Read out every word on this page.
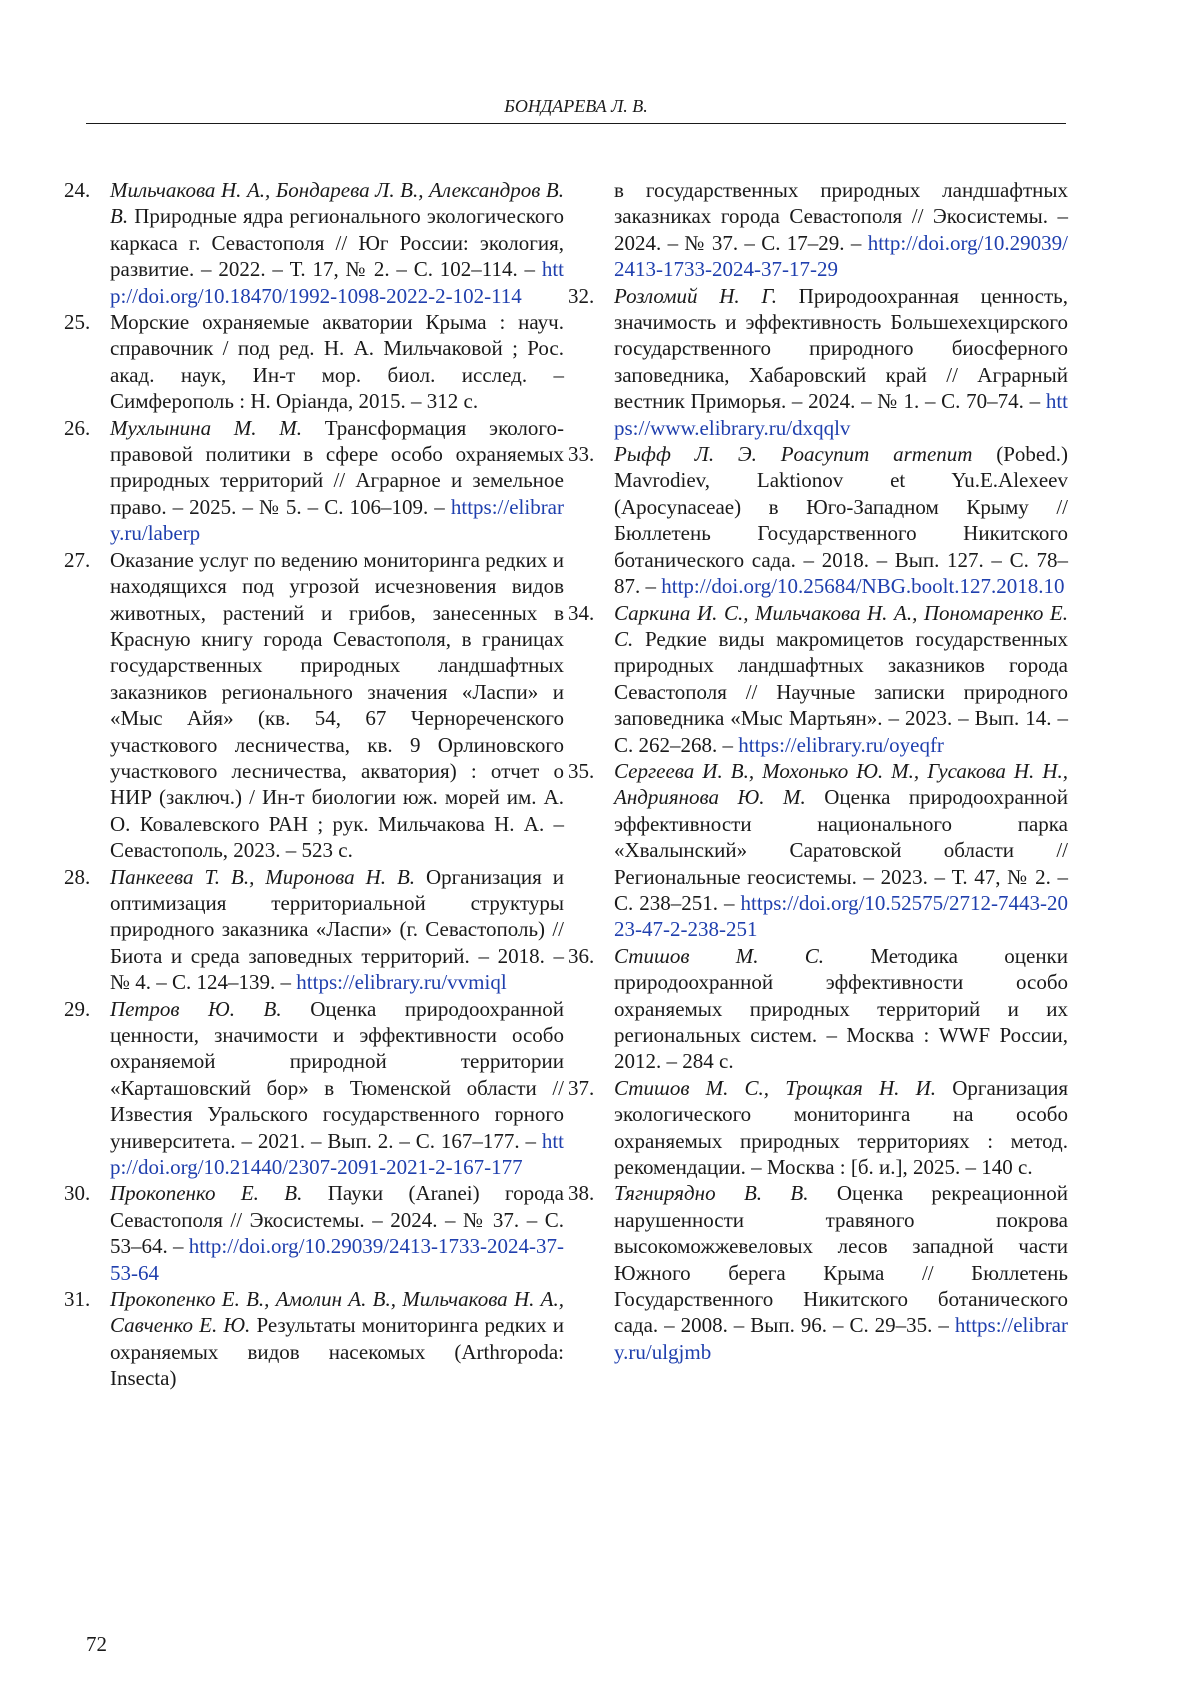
БОНДАРЕВА Л. В.
24. Мильчакова Н. А., Бондарева Л. В., Александров В. В. Природные ядра регионального экологического каркаса г. Севастополя // Юг России: экология, развитие. – 2022. – Т. 17, № 2. – С. 102–114. – http://doi.org/10.18470/1992-1098-2022-2-102-114
25. Морские охраняемые акватории Крыма : науч. справочник / под ред. Н. А. Мильчаковой ; Рос. акад. наук, Ин-т мор. биол. исслед. – Симферополь : Н. Оріанда, 2015. – 312 с.
26. Мухлынина М. М. Трансформация эколого-правовой политики в сфере особо охраняемых природных территорий // Аграрное и земельное право. – 2025. – № 5. – С. 106–109. – https://elibrary.ru/laberp
27. Оказание услуг по ведению мониторинга редких и находящихся под угрозой исчезновения видов животных, растений и грибов, занесенных в Красную книгу города Севастополя, в границах государственных природных ландшафтных заказников регионального значения «Ласпи» и «Мыс Айя» (кв. 54, 67 Чернореченского участкового лесничества, кв. 9 Орлиновского участкового лесничества, акватория) : отчет о НИР (заключ.) / Ин-т биологии юж. морей им. А. О. Ковалевского РАН ; рук. Мильчакова Н. А. – Севастополь, 2023. – 523 с.
28. Панкеева Т. В., Миронова Н. В. Организация и оптимизация территориальной структуры природного заказника «Ласпи» (г. Севастополь) // Биота и среда заповедных территорий. – 2018. – № 4. – С. 124–139. – https://elibrary.ru/vvmiql
29. Петров Ю. В. Оценка природоохранной ценности, значимости и эффективности особо охраняемой природной территории «Карташовский бор» в Тюменской области // Известия Уральского государственного горного университета. – 2021. – Вып. 2. – С. 167–177. – http://doi.org/10.21440/2307-2091-2021-2-167-177
30. Прокопенко Е. В. Пауки (Aranei) города Севастополя // Экосистемы. – 2024. – № 37. – С. 53–64. – http://doi.org/10.29039/2413-1733-2024-37-53-64
31. Прокопенко Е. В., Амолин А. В., Мильчакова Н. А., Савченко Е. Ю. Результаты мониторинга редких и охраняемых видов насекомых (Arthropoda: Insecta)
в государственных природных ландшафтных заказниках города Севастополя // Экосистемы. – 2024. – № 37. – С. 17–29. – http://doi.org/10.29039/2413-1733-2024-37-17-29
32. Розломий Н. Г. Природоохранная ценность, значимость и эффективность Большехехцирского государственного природного биосферного заповедника, Хабаровский край // Аграрный вестник Приморья. – 2024. – № 1. – С. 70–74. – https://www.elibrary.ru/dxqqlv
33. Рыфф Л. Э. Poacynum armenum (Pobed.) Mavrodiev, Laktionov et Yu.E.Alexeev (Apocynaceae) в Юго-Западном Крыму // Бюллетень Государственного Никитского ботанического сада. – 2018. – Вып. 127. – С. 78–87. – http://doi.org/10.25684/NBG.boolt.127.2018.10
34. Саркина И. С., Мильчакова Н. А., Пономаренко Е. С. Редкие виды макромицетов государственных природных ландшафтных заказников города Севастополя // Научные записки природного заповедника «Мыс Мартьян». – 2023. – Вып. 14. – С. 262–268. – https://elibrary.ru/oyeqfr
35. Сергеева И. В., Мохонько Ю. М., Гусакова Н. Н., Андриянова Ю. М. Оценка природоохранной эффективности национального парка «Хвалынский» Саратовской области // Региональные геосистемы. – 2023. – Т. 47, № 2. – С. 238–251. – https://doi.org/10.52575/2712-7443-2023-47-2-238-251
36. Стишов М. С. Методика оценки природоохранной эффективности особо охраняемых природных территорий и их региональных систем. – Москва : WWF России, 2012. – 284 с.
37. Стишов М. С., Трощкая Н. И. Организация экологического мониторинга на особо охраняемых природных территориях : метод. рекомендации. – Москва : [б. и.], 2025. – 140 с.
38. Тягнирядно В. В. Оценка рекреационной нарушенности травяного покрова высокоможжевеловых лесов западной части Южного берега Крыма // Бюллетень Государственного Никитского ботанического сада. – 2008. – Вып. 96. – С. 29–35. – https://elibrary.ru/ulgjmb
72
